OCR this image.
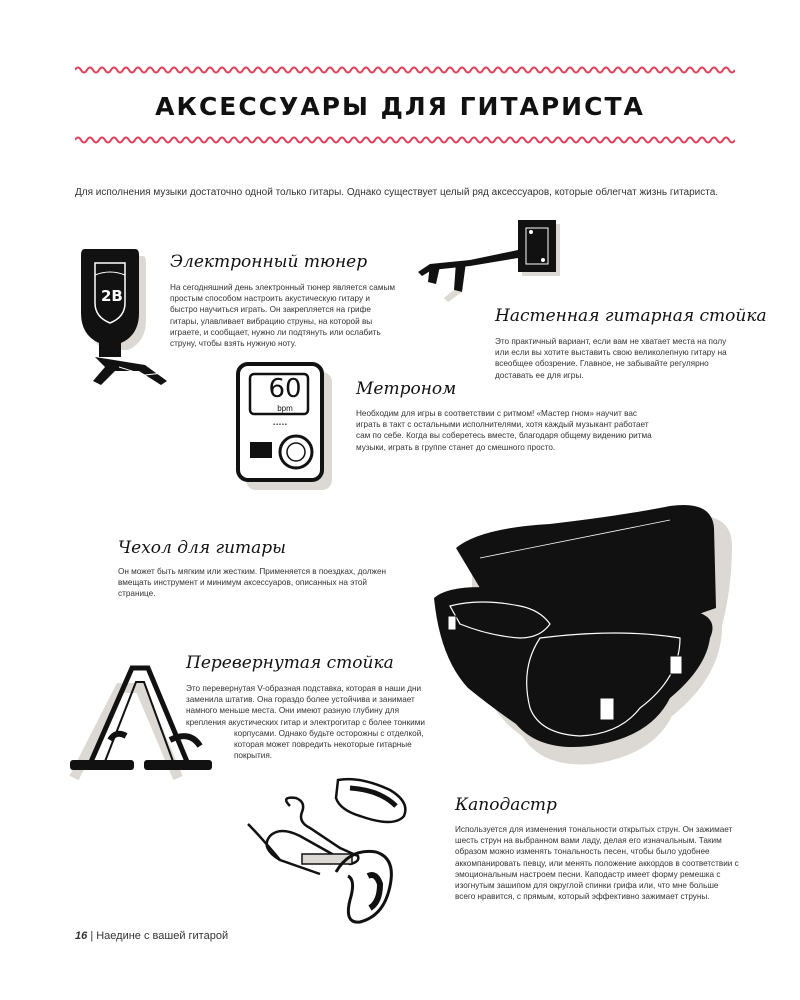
АКСЕССУАРЫ ДЛЯ ГИТАРИСТА
Для исполнения музыки достаточно одной только гитары. Однако существует целый ряд аксессуаров, которые облегчат жизнь гитариста.
2B
Электронный тюнер
На сегодняшний день электронный тюнер является самым простым способом настроить акустическую гитару и быстро научиться играть. Он закрепляется на грифе гитары, улавливает вибрацию струны, на которой вы играете, и сообщает, нужно ли подтянуть или ослабить струну, чтобы взять нужную ноту.
Настенная гитарная стойка
Это практичный вариант, если вам не хватает места на полу или если вы хотите выставить свою великолепную гитару на всеобщее обозрение. Главное, не забывайте регулярно доставать ее для игры.
•••••
60
bpm
Метроном
Необходим для игры в соответствии с ритмом! «Мастер гном» научит вас играть в такт с остальными исполнителями, хотя каждый музыкант работает сам по себе. Когда вы соберетесь вместе, благодаря общему видению ритма музыки, играть в группе станет до смешного просто.
Чехол для гитары
Он может быть мягким или жестким. Применяется в поездках, должен вмещать инструмент и минимум аксессуаров, описанных на этой странице.
Перевернутая стойка
Это перевернутая V-образная подставка, которая в наши дни
заменила штатив. Она гораздо более устойчива и занимает
намного меньше места. Они имеют разную глубину для
крепления акустических гитар и электрогитар с более тонкими
корпусами. Однако будьте осторожны с отделкой,
которая может повредить некоторые гитарные
покрытия.
Каподастр
Используется для изменения тональности открытых струн. Он зажимает шесть струн на выбранном вами ладу, делая его изначальным. Таким образом можно изменять тональность песен, чтобы было удобнее аккомпанировать певцу, или менять положение аккордов в соответствии с эмоциональным настроем песни. Каподастр имеет форму ремешка с изогнутым зашипом для округлой спинки грифа или, что мне больше всего нравится, с прямым, который эффективно зажимает струны.
16 | Наедине с вашей гитарой
